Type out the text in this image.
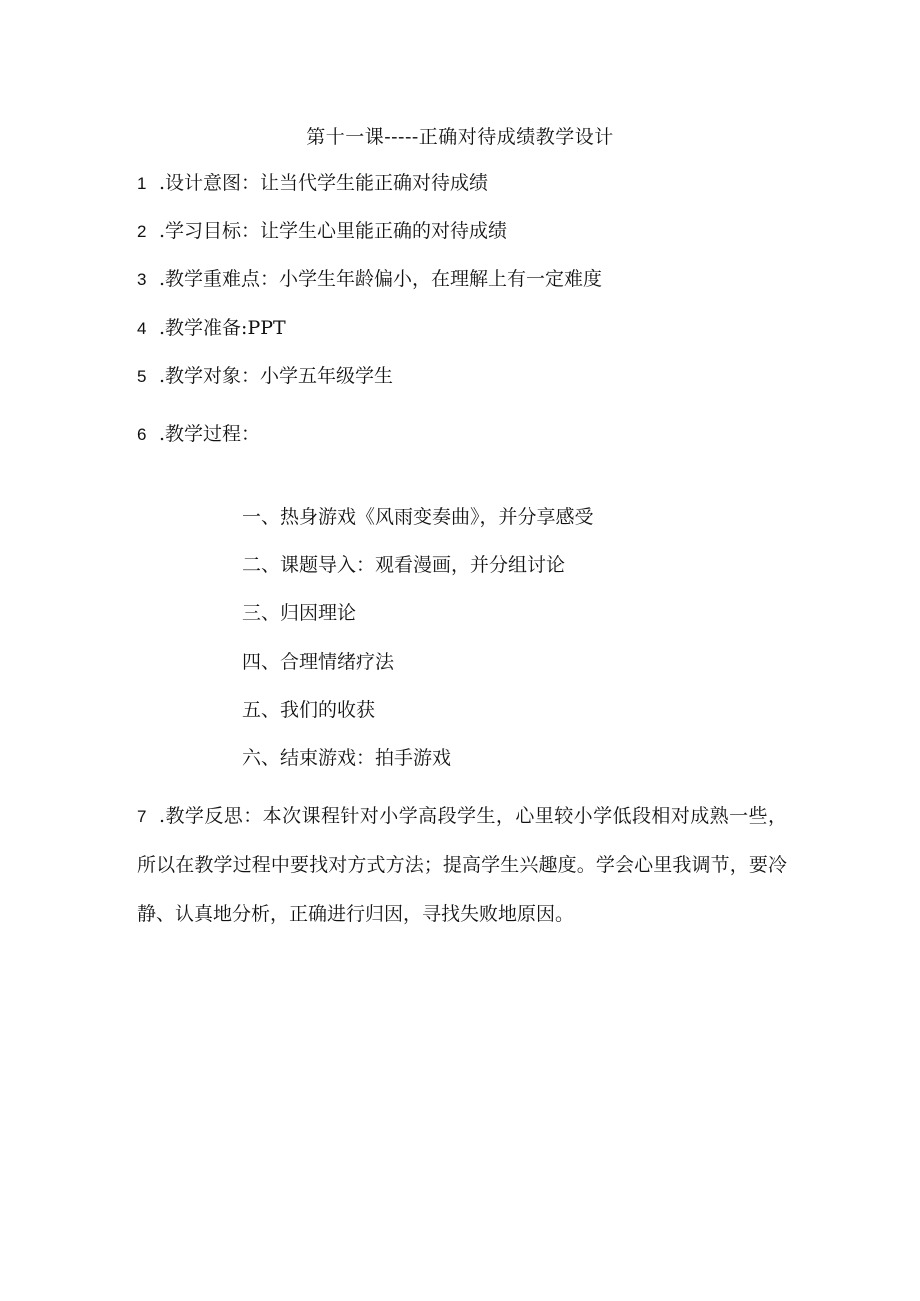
第十一课-----正确对待成绩教学设计
1 .设计意图：让当代学生能正确对待成绩
2 .学习目标：让学生心里能正确的对待成绩
3 .教学重难点：小学生年龄偏小，在理解上有一定难度
4 .教学准备:PPT
5 .教学对象：小学五年级学生
6 .教学过程：
一、热身游戏《风雨变奏曲》，并分享感受
二、课题导入：观看漫画，并分组讨论
三、归因理论
四、合理情绪疗法
五、我们的收获
六、结束游戏：拍手游戏
7 .教学反思：本次课程针对小学高段学生，心里较小学低段相对成熟一些，所以在教学过程中要找对方式方法；提高学生兴趣度。学会心里我调节，要冷静、认真地分析，正确进行归因，寻找失败地原因。
